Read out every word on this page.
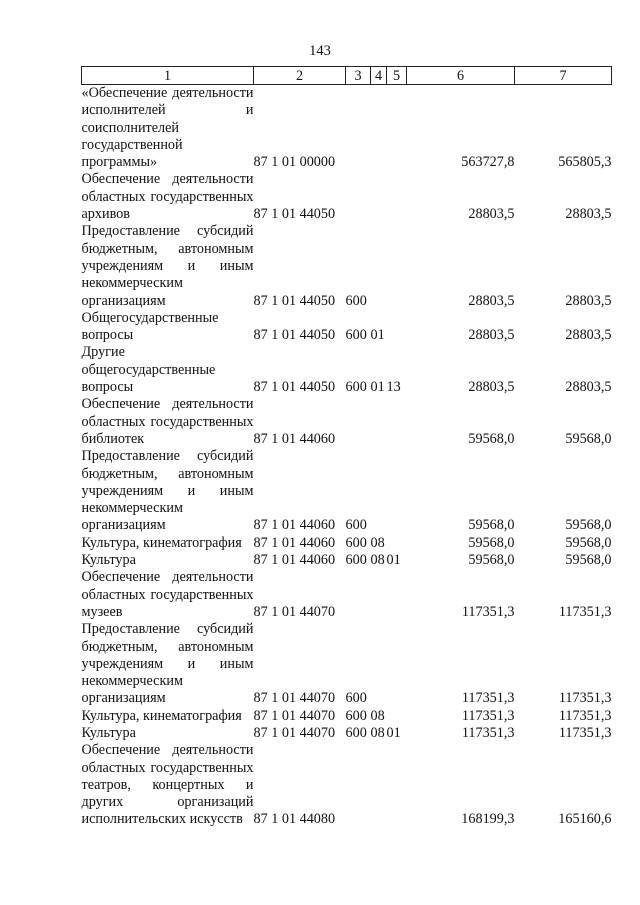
143
1	2	3	4	5	6	7
«Обеспечение деятельности исполнителей и соисполнителей государственной программы»	87 1 01 00000				563727,8	565805,3
Обеспечение деятельности областных государственных архивов	87 1 01 44050				28803,5	28803,5
Предоставление субсидий бюджетным, автономным учреждениям и иным некоммерческим организациям	87 1 01 44050	600			28803,5	28803,5
Общегосударственные вопросы	87 1 01 44050	600	01		28803,5	28803,5
Другие общегосударственные вопросы	87 1 01 44050	600	01	13	28803,5	28803,5
Обеспечение деятельности областных государственных библиотек	87 1 01 44060				59568,0	59568,0
Предоставление субсидий бюджетным, автономным учреждениям и иным некоммерческим организациям	87 1 01 44060	600			59568,0	59568,0
Культура, кинематография	87 1 01 44060	600	08		59568,0	59568,0
Культура	87 1 01 44060	600	08	01	59568,0	59568,0
Обеспечение деятельности областных государственных музеев	87 1 01 44070				117351,3	117351,3
Предоставление субсидий бюджетным, автономным учреждениям и иным некоммерческим организациям	87 1 01 44070	600			117351,3	117351,3
Культура, кинематография	87 1 01 44070	600	08		117351,3	117351,3
Культура	87 1 01 44070	600	08	01	117351,3	117351,3
Обеспечение деятельности областных государственных театров, концертных и других организаций исполнительских искусств	87 1 01 44080				168199,3	165160,6
